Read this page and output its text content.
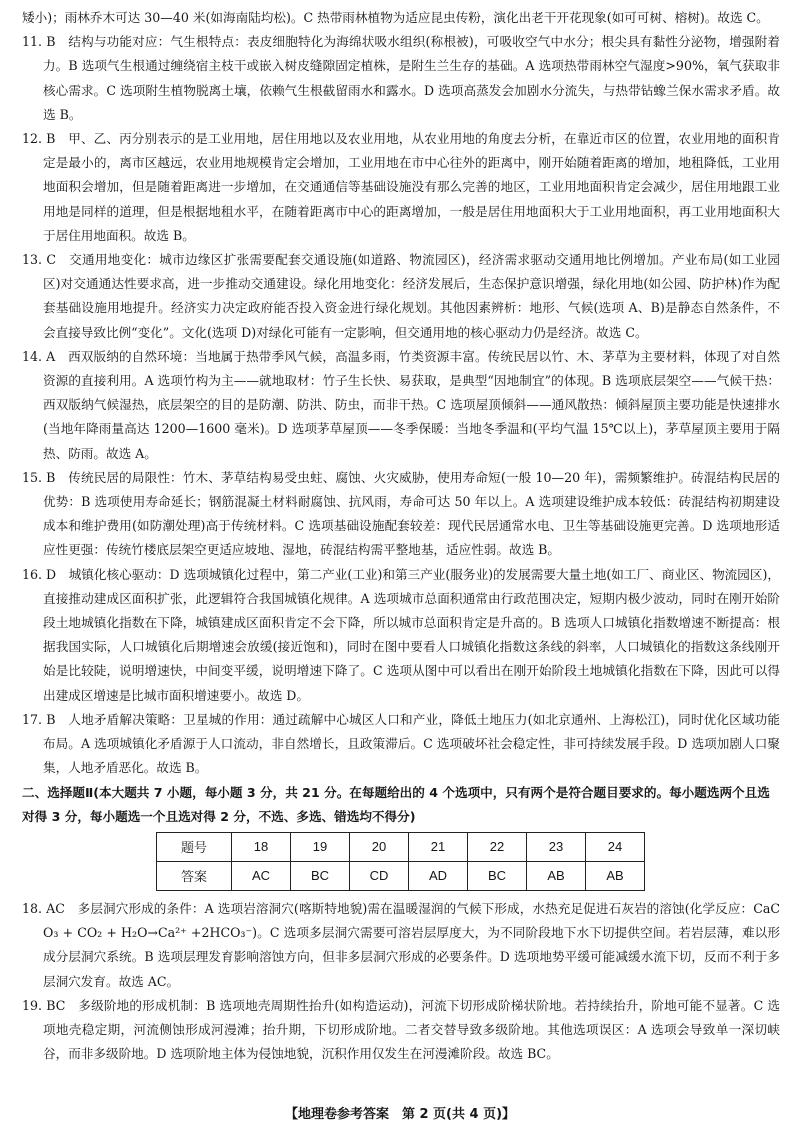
矮小)；雨林乔木可达 30—40 米(如海南陆均松)。C 热带雨林植物为适应昆虫传粉，演化出老干开花现象(如可可树、榕树)。故选 C。

11. B　结构与功能对应：气生根特点：表皮细胞特化为海绵状吸水组织(称根被)，可吸收空气中水分；根尖具有黏性分泌物，增强附着力。B 选项气生根通过缠绕宿主枝干或嵌入树皮缝隙固定植株，是附生兰生存的基础。A 选项热带雨林空气湿度>90%，氧气获取非核心需求。C 选项附生植物脱离土壤，依赖气生根截留雨水和露水。D 选项高蒸发会加剧水分流失，与热带钻蟓兰保水需求矛盾。故选 B。

12. B　甲、乙、丙分别表示的是工业用地，居住用地以及农业用地，从农业用地的角度去分析，在靠近市区的位置，农业用地的面积肯定是最小的，离市区越远，农业用地规模肯定会增加，工业用地在市中心往外的距离中，刚开始随着距离的增加，地租降低，工业用地面积会增加，但是随着距离进一步增加，在交通通信等基础设施没有那么完善的地区，工业用地面积肯定会减少，居住用地跟工业用地是同样的道理，但是根据地租水平，在随着距离市中心的距离增加，一般是居住用地面积大于工业用地面积，再工业用地面积大于居住用地面积。故选 B。

13. C　交通用地变化：城市边缘区扩张需要配套交通设施(如道路、物流园区)，经济需求驱动交通用地比例增加。产业布局(如工业园区)对交通通达性要求高，进一步推动交通建设。绿化用地变化：经济发展后，生态保护意识增强，绿化用地(如公园、防护林)作为配套基础设施用地提升。经济实力决定政府能否投入资金进行绿化规划。其他因素辨析：地形、气候(选项 A、B)是静态自然条件，不会直接导致比例“变化”。文化(选项 D)对绿化可能有一定影响，但交通用地的核心驱动力仍是经济。故选 C。

14. A　西双版纳的自然环境：当地属于热带季风气候，高温多雨，竹类资源丰富。传统民居以竹、木、茅草为主要材料，体现了对自然资源的直接利用。A 选项竹构为主——就地取材：竹子生长快、易获取，是典型“因地制宜”的体现。B 选项底层架空——气候干热：西双版纳气候湿热，底层架空的目的是防潮、防洪、防虫，而非干热。C 选项屋顶倾斜——通风散热：倾斜屋顶主要功能是快速排水(当地年降雨量高达 1200—1600 毫米)。D 选项茅草屋顶——冬季保暖：当地冬季温和(平均气温 15℃以上)，茅草屋顶主要用于隔热、防雨。故选 A。

15. B　传统民居的局限性：竹木、茅草结构易受虫蛀、腐蚀、火灾威胁，使用寿命短(一般 10—20 年)，需频繁维护。砖混结构民居的优势：B 选项使用寿命延长；钢筋混凝土材料耐腐蚀、抗风雨，寿命可达 50 年以上。A 选项建设维护成本较低：砖混结构初期建设成本和维护费用(如防潮处理)高于传统材料。C 选项基础设施配套较差：现代民居通常水电、卫生等基础设施更完善。D 选项地形适应性更强：传统竹楼底层架空更适应坡地、湿地，砖混结构需平整地基，适应性弱。故选 B。

16. D　城镇化核心驱动：D 选项城镇化过程中，第二产业(工业)和第三产业(服务业)的发展需要大量土地(如工厂、商业区、物流园区)，直接推动建成区面积扩张，此逻辑符合我国城镇化规律。A 选项城市总面积通常由行政范围决定，短期内极少波动，同时在刚开始阶段土地城镇化指数在下降，城镇建成区面积肯定不会下降，所以城市总面积肯定是升高的。B 选项人口城镇化指数增速不断提高：根据我国实际，人口城镇化后期增速会放缓(接近饱和)，同时在图中要看人口城镇化指数这条线的斜率，人口城镇化的指数这条线刚开始是比较陡，说明增速快，中间变平缓，说明增速下降了。C 选项从图中可以看出在刚开始阶段土地城镇化指数在下降，因此可以得出建成区增速是比城市面积增速要小。故选 D。

17. B　人地矛盾解决策略：卫星城的作用：通过疏解中心城区人口和产业，降低土地压力(如北京通州、上海松江)，同时优化区域功能布局。A 选项城镇化矛盾源于人口流动，非自然增长，且政策滞后。C 选项破坏社会稳定性，非可持续发展手段。D 选项加剧人口聚集，人地矛盾恶化。故选 B。

二、选择题Ⅱ(本大题共 7 小题，每小题 3 分，共 21 分。在每题给出的 4 个选项中，只有两个是符合题目要求的。每小题选两个且选对得 3 分，每小题选一个且选对得 2 分，不选、多选、错选均不得分)

题号	18	19	20	21	22	23	24
答案	AC	BC	CD	AD	BC	AB	AB

18. AC　多层洞穴形成的条件：A 选项岩溶洞穴(喀斯特地貌)需在温暖湿润的气候下形成，水热充足促进石灰岩的溶蚀(化学反应：CaCO₃ + CO₂ + H₂O→Ca²⁺ +2HCO₃⁻)。C 选项多层洞穴需要可溶岩层厚度大，为不同阶段地下水下切提供空间。若岩层薄，难以形成分层洞穴系统。B 选项层理发育影响溶蚀方向，但非多层洞穴形成的必要条件。D 选项地势平缓可能减缓水流下切，反而不利于多层洞穴发育。故选 AC。

19. BC　多级阶地的形成机制：B 选项地壳周期性抬升(如构造运动)，河流下切形成阶梯状阶地。若持续抬升，阶地可能不显著。C 选项地壳稳定期，河流侧蚀形成河漫滩；抬升期，下切形成阶地。二者交替导致多级阶地。其他选项误区：A 选项会导致单一深切峡谷，而非多级阶地。D 选项阶地主体为侵蚀地貌，沉积作用仅发生在河漫滩阶段。故选 BC。

【地理卷参考答案　第 2 页(共 4 页)】
